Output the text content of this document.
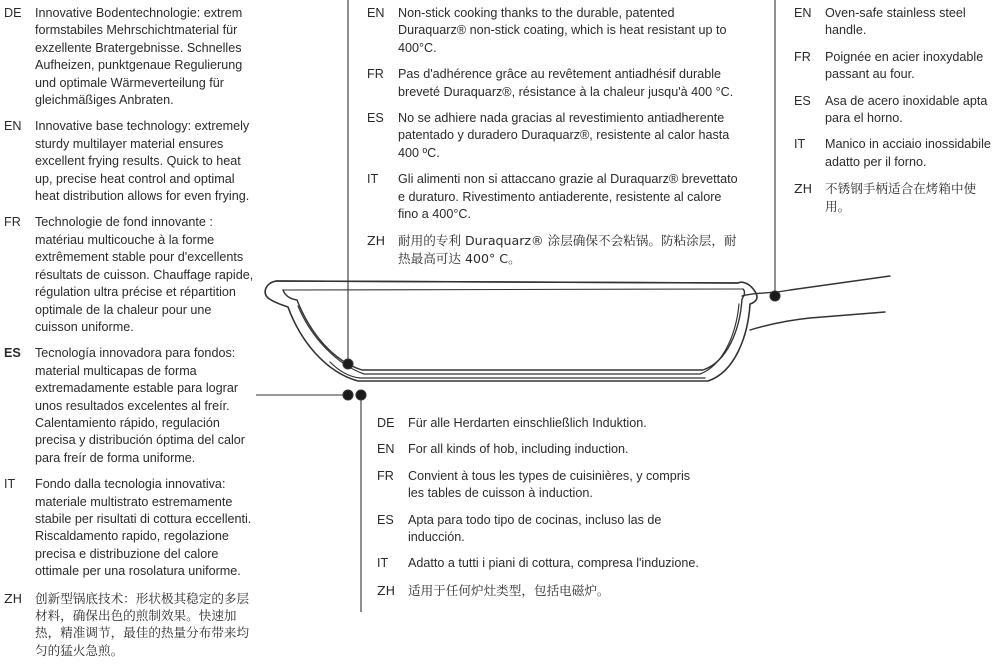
DE Innovative Bodentechnologie: extrem formstabiles Mehrschichtmaterial für exzellente Bratergebnisse. Schnelles Aufheizen, punktgenaue Regulierung und optimale Wärmeverteilung für gleichmäßiges Anbraten.
EN Innovative base technology: extremely sturdy multilayer material ensures excellent frying results. Quick to heat up, precise heat control and optimal heat distribution allows for even frying.
FR Technologie de fond innovante : matériau multicouche à la forme extrêmement stable pour d'excellents résultats de cuisson. Chauffage rapide, régulation ultra précise et répartition optimale de la chaleur pour une cuisson uniforme.
ES Tecnología innovadora para fondos: material multicapas de forma extremadamente estable para lograr unos resultados excelentes al freír. Calentamiento rápido, regulación precisa y distribución óptima del calor para freír de forma uniforme.
IT Fondo dalla tecnologia innovativa: materiale multistrato estremamente stabile per risultati di cottura eccellenti. Riscaldamento rapido, regolazione precisa e distribuzione del calore ottimale per una rosolatura uniforme.
ZH 创新型锅底技术：形状极其稳定的多层材料，确保出色的煎制效果。快速加热，精准调节，最佳的热量分布带来均匀的猛火急煎。
EN Non-stick cooking thanks to the durable, patented Duraquarz® non-stick coating, which is heat resistant up to 400°C.
FR Pas d'adhérence grâce au revêtement antiadhésif durable breveté Duraquarz®, résistance à la chaleur jusqu'à 400 °C.
ES No se adhiere nada gracias al revestimiento antiadherente patentado y duradero Duraquarz®, resistente al calor hasta 400 ºC.
IT Gli alimenti non si attaccano grazie al Duraquarz® brevettato e duraturo. Rivestimento antiaderente, resistente al calore fino a 400°C.
ZH 耐用的专利 Duraquarz® 涂层确保不会粘锅。防粘涂层，耐热最高可达 400° C。
EN Oven-safe stainless steel handle.
FR Poignée en acier inoxydable passant au four.
ES Asa de acero inoxidable apta para el horno.
IT Manico in acciaio inossidabile adatto per il forno.
ZH 不锈钢手柄适合在烤箱中使用。
DE Für alle Herdarten einschließlich Induktion.
EN For all kinds of hob, including induction.
FR Convient à tous les types de cuisinières, y compris les tables de cuisson à induction.
ES Apta para todo tipo de cocinas, incluso las de inducción.
IT Adatto a tutti i piani di cottura, compresa l'induzione.
ZH 适用于任何炉灶类型，包括电磁炉。
